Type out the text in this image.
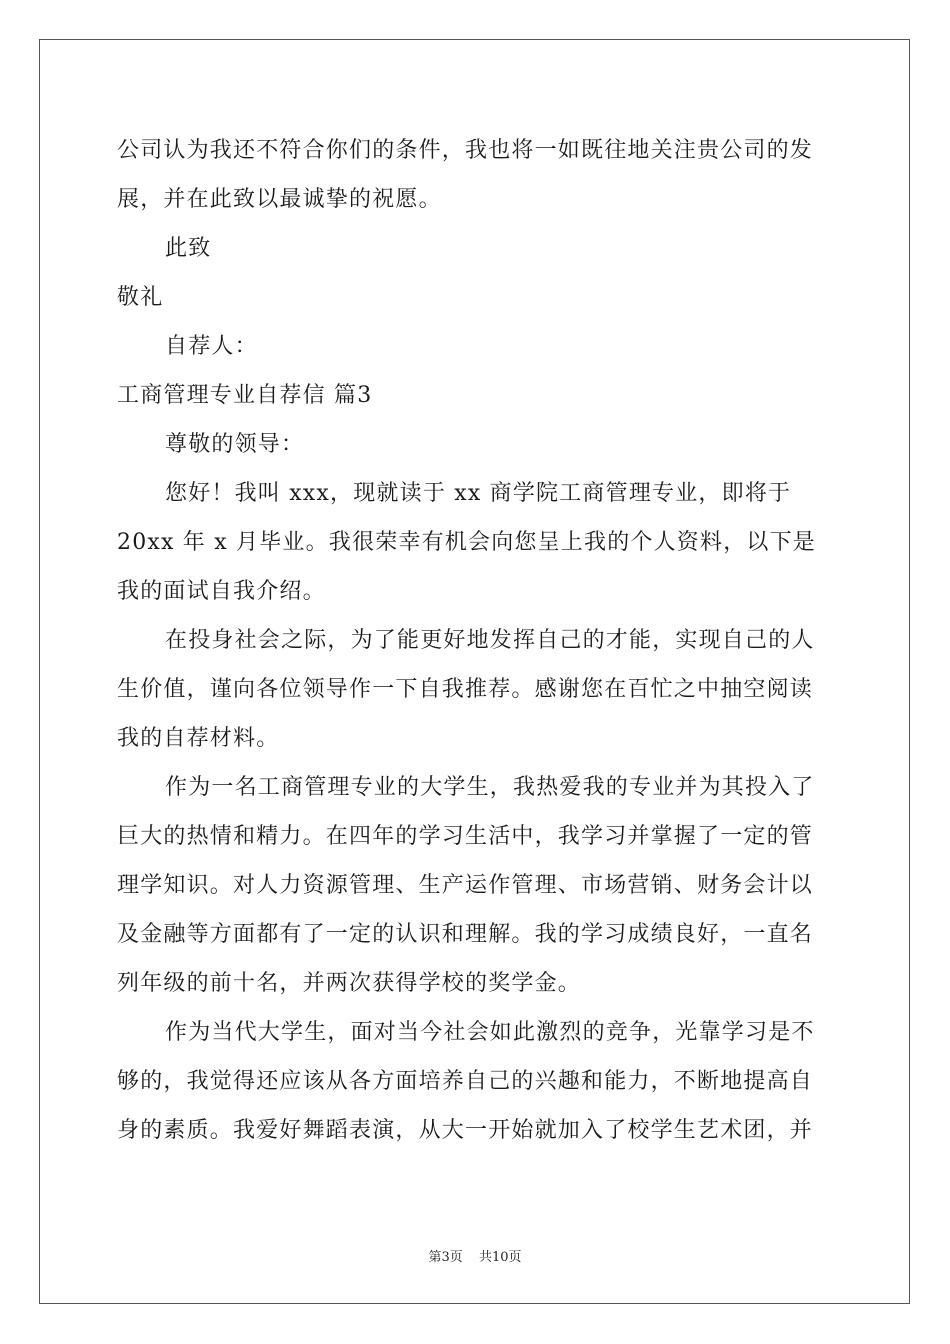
公司认为我还不符合你们的条件，我也将一如既往地关注贵公司的发
展，并在此致以最诚挚的祝愿。
此致
敬礼
自荐人：
工商管理专业自荐信 篇3
尊敬的领导：
您好！我叫 xxx，现就读于 xx 商学院工商管理专业，即将于
20xx 年 x 月毕业。我很荣幸有机会向您呈上我的个人资料，以下是
我的面试自我介绍。
在投身社会之际，为了能更好地发挥自己的才能，实现自己的人
生价值，谨向各位领导作一下自我推荐。感谢您在百忙之中抽空阅读
我的自荐材料。
作为一名工商管理专业的大学生，我热爱我的专业并为其投入了
巨大的热情和精力。在四年的学习生活中，我学习并掌握了一定的管
理学知识。对人力资源管理、生产运作管理、市场营销、财务会计以
及金融等方面都有了一定的认识和理解。我的学习成绩良好，一直名
列年级的前十名，并两次获得学校的奖学金。
作为当代大学生，面对当今社会如此激烈的竞争，光靠学习是不
够的，我觉得还应该从各方面培养自己的兴趣和能力，不断地提高自
身的素质。我爱好舞蹈表演，从大一开始就加入了校学生艺术团，并
第3页 共10页
